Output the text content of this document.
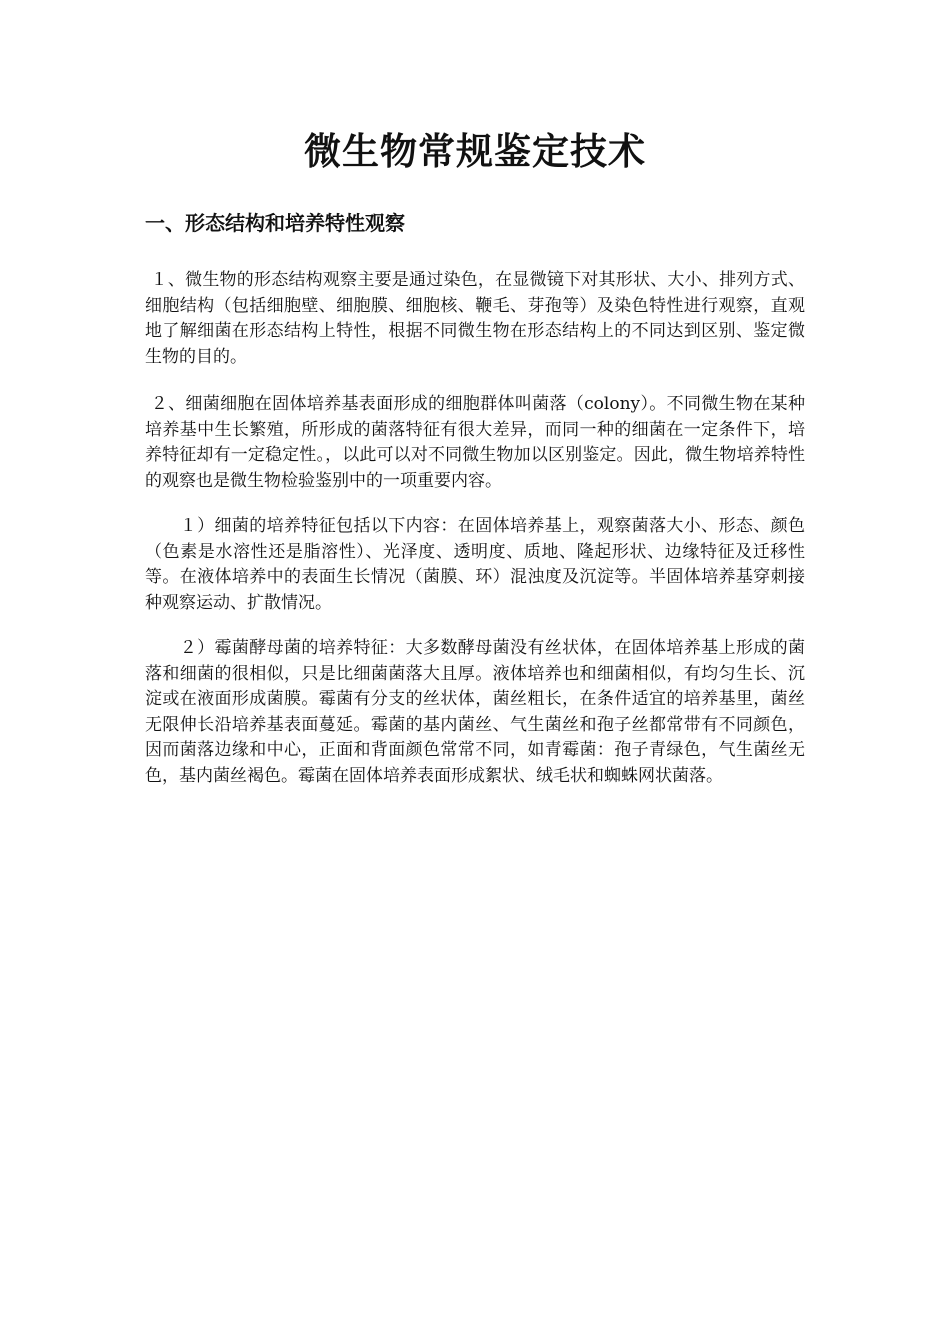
微生物常规鉴定技术
一、形态结构和培养特性观察

１、微生物的形态结构观察主要是通过染色，在显微镜下对其形状、大小、排列方式、细胞结构（包括细胞壁、细胞膜、细胞核、鞭毛、芽孢等）及染色特性进行观察，直观地了解细菌在形态结构上特性，根据不同微生物在形态结构上的不同达到区别、鉴定微生物的目的。

２、细菌细胞在固体培养基表面形成的细胞群体叫菌落（colony）。不同微生物在某种培养基中生长繁殖，所形成的菌落特征有很大差异，而同一种的细菌在一定条件下，培养特征却有一定稳定性。，以此可以对不同微生物加以区别鉴定。因此，微生物培养特性的观察也是微生物检验鉴别中的一项重要内容。

　　１）细菌的培养特征包括以下内容：在固体培养基上，观察菌落大小、形态、颜色（色素是水溶性还是脂溶性）、光泽度、透明度、质地、隆起形状、边缘特征及迁移性等。在液体培养中的表面生长情况（菌膜、环）混浊度及沉淀等。半固体培养基穿刺接种观察运动、扩散情况。

　　２）霉菌酵母菌的培养特征：大多数酵母菌没有丝状体，在固体培养基上形成的菌落和细菌的很相似，只是比细菌菌落大且厚。液体培养也和细菌相似，有均匀生长、沉淀或在液面形成菌膜。霉菌有分支的丝状体，菌丝粗长，在条件适宜的培养基里，菌丝无限伸长沿培养基表面蔓延。霉菌的基内菌丝、气生菌丝和孢子丝都常带有不同颜色，因而菌落边缘和中心，正面和背面颜色常常不同，如青霉菌：孢子青绿色，气生菌丝无色，基内菌丝褐色。霉菌在固体培养表面形成絮状、绒毛状和蜘蛛网状菌落。
